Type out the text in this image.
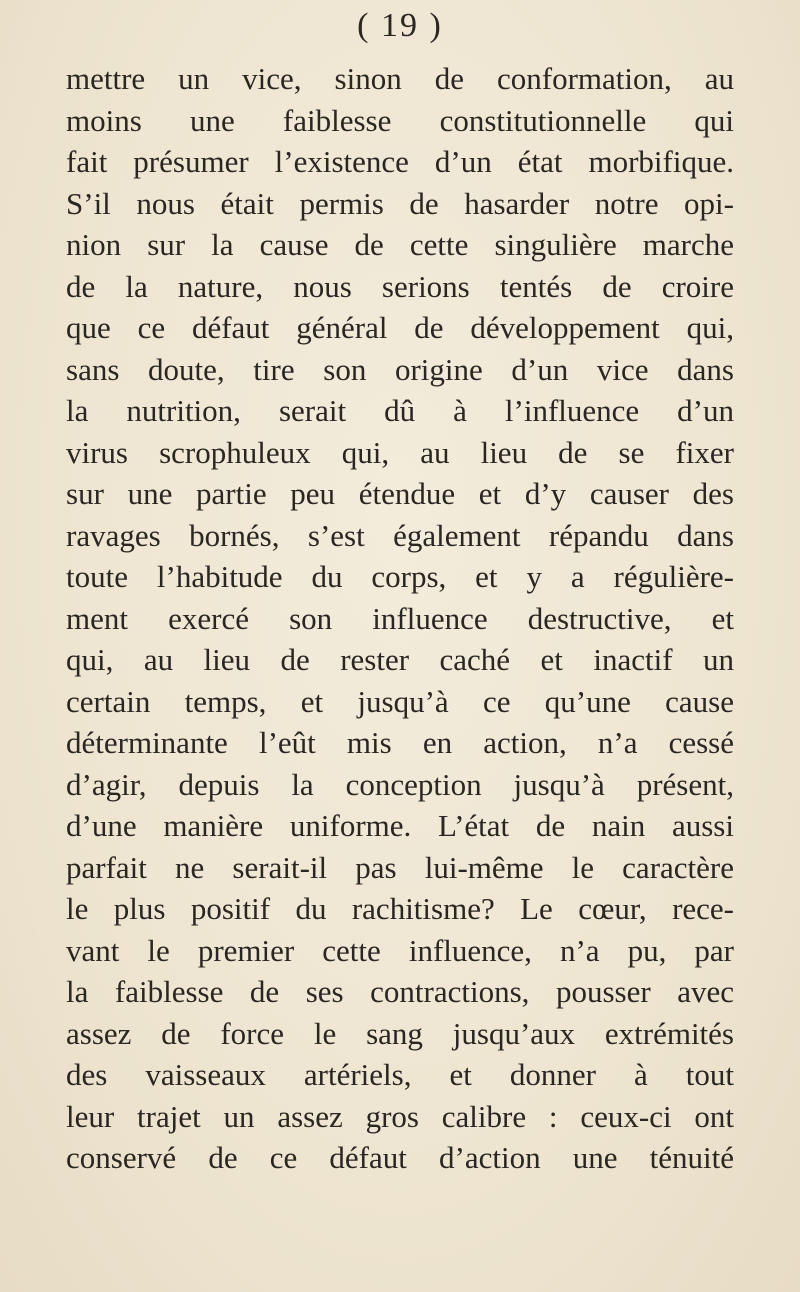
( 19 )
mettre un vice, sinon de conformation, au
moins une faiblesse constitutionnelle qui
fait présumer l’existence d’un état morbifique.
S’il nous était permis de hasarder notre opi-
nion sur la cause de cette singulière marche
de la nature, nous serions tentés de croire
que ce défaut général de développement qui,
sans doute, tire son origine d’un vice dans
la nutrition, serait dû à l’influence d’un
virus scrophuleux qui, au lieu de se fixer
sur une partie peu étendue et d’y causer des
ravages bornés, s’est également répandu dans
toute l’habitude du corps, et y a régulière-
ment exercé son influence destructive, et
qui, au lieu de rester caché et inactif un
certain temps, et jusqu’à ce qu’une cause
déterminante l’eût mis en action, n’a cessé
d’agir, depuis la conception jusqu’à présent,
d’une manière uniforme. L’état de nain aussi
parfait ne serait-il pas lui-même le caractère
le plus positif du rachitisme? Le cœur, rece-
vant le premier cette influence, n’a pu, par
la faiblesse de ses contractions, pousser avec
assez de force le sang jusqu’aux extrémités
des vaisseaux artériels, et donner à tout
leur trajet un assez gros calibre : ceux-ci ont
conservé de ce défaut d’action une ténuité
